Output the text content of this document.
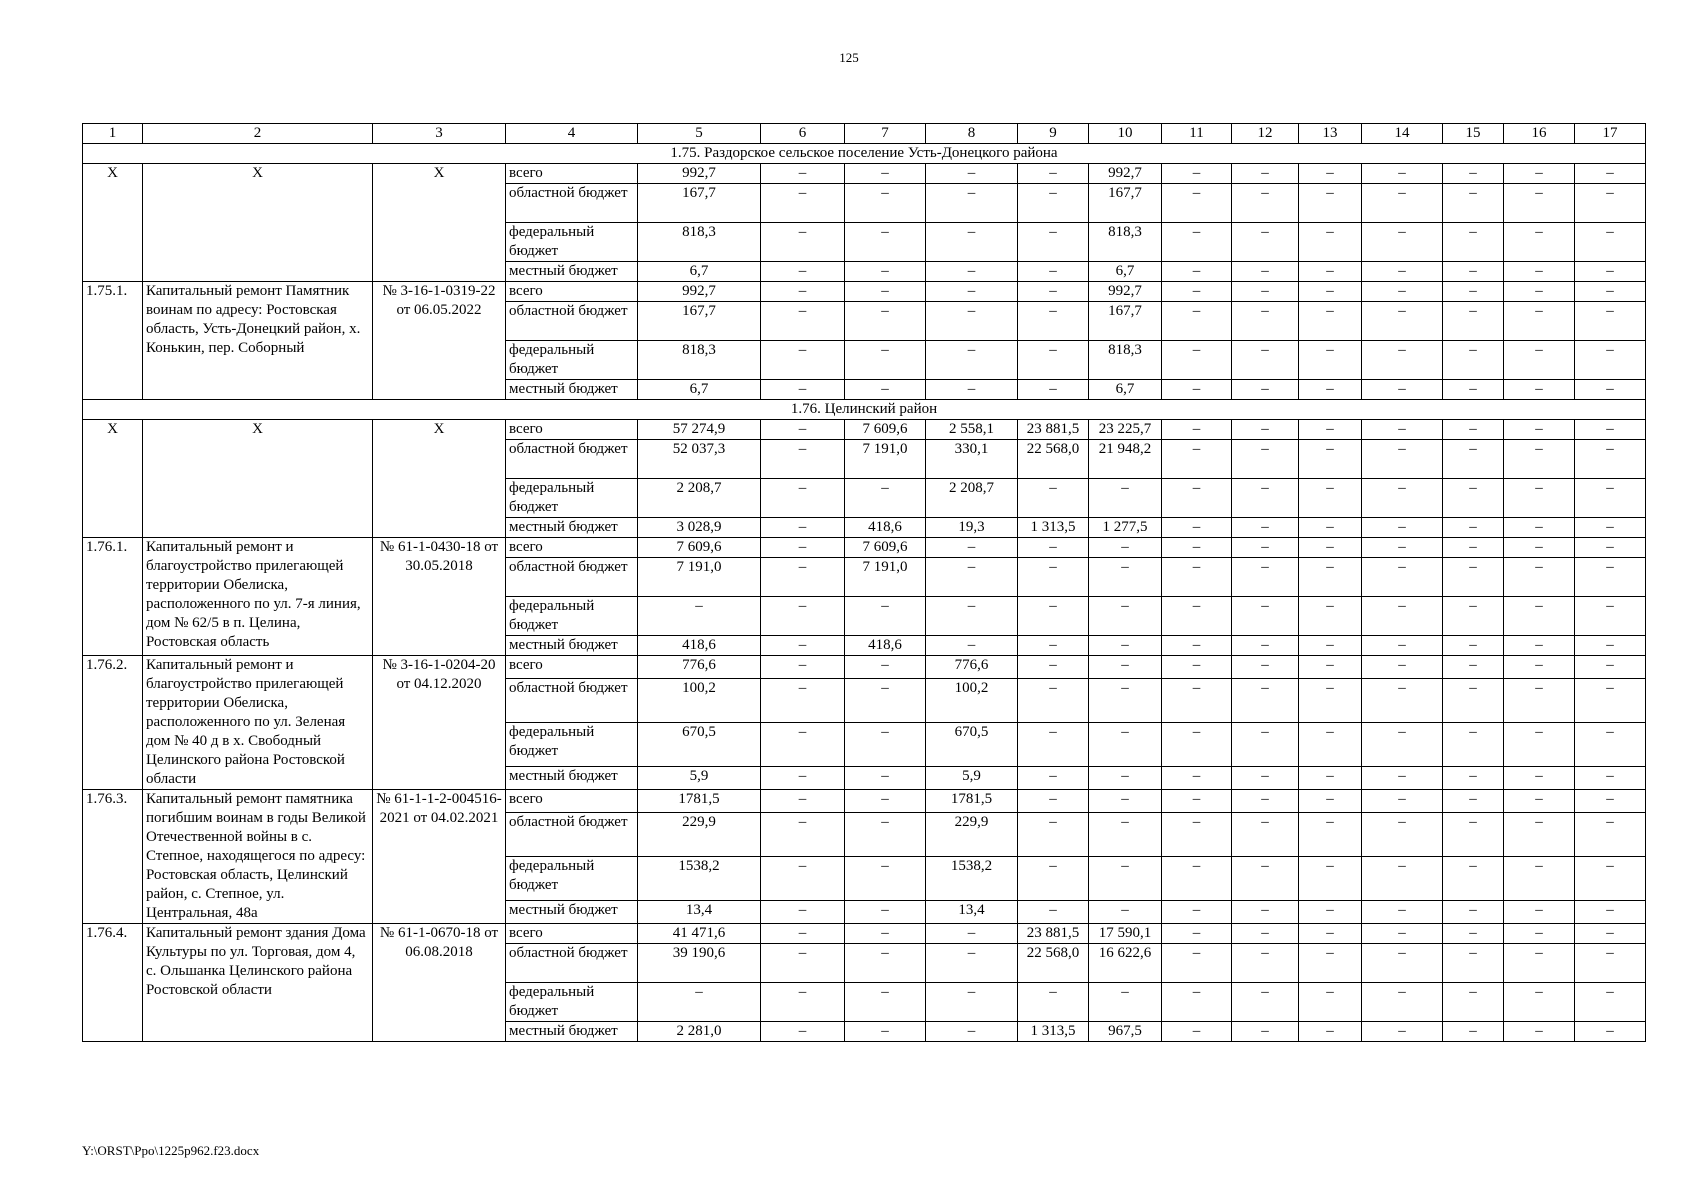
125
1	2	3	4	5	6	7	8	9	10	11	12	13	14	15	16	17
1.75. Раздорское сельское поселение Усть-Донецкого района																
Х	Х	Х	всего	992,7	–	–	–	–	992,7	–	–	–	–	–	–	–
			областной бюджет	167,7	–	–	–	–	167,7	–	–	–	–	–	–	–
			федеральный бюджет	818,3	–	–	–	–	818,3	–	–	–	–	–	–	–
			местный бюджет	6,7	–	–	–	–	6,7	–	–	–	–	–	–	–
1.75.1.	Капитальный ремонт Памятник воинам по адресу: Ростовская область, Усть-Донецкий район, х. Конькин, пер. Соборный	№ 3-16-1-0319-22 от 06.05.2022	всего	992,7	–	–	–	–	992,7	–	–	–	–	–	–	–
			областной бюджет	167,7	–	–	–	–	167,7	–	–	–	–	–	–	–
			федеральный бюджет	818,3	–	–	–	–	818,3	–	–	–	–	–	–	–
			местный бюджет	6,7	–	–	–	–	6,7	–	–	–	–	–	–	–
1.76. Целинский район																
Х	Х	Х	всего	57 274,9	–	7 609,6	2 558,1	23 881,5	23 225,7	–	–	–	–	–	–	–
			областной бюджет	52 037,3	–	7 191,0	330,1	22 568,0	21 948,2	–	–	–	–	–	–	–
			федеральный бюджет	2 208,7	–	–	2 208,7	–	–	–	–	–	–	–	–	–
			местный бюджет	3 028,9	–	418,6	19,3	1 313,5	1 277,5	–	–	–	–	–	–	–
1.76.1.	Капитальный ремонт и благоустройство прилегающей территории Обелиска, расположенного по ул. 7-я линия, дом № 62/5 в п. Целина, Ростовская область	№ 61-1-0430-18 от 30.05.2018	всего	7 609,6	–	7 609,6	–	–	–	–	–	–	–	–	–	–
			областной бюджет	7 191,0	–	7 191,0	–	–	–	–	–	–	–	–	–	–
			федеральный бюджет	–	–	–	–	–	–	–	–	–	–	–	–	–
			местный бюджет	418,6	–	418,6	–	–	–	–	–	–	–	–	–	–
1.76.2.	Капитальный ремонт и благоустройство прилегающей территории Обелиска, расположенного по ул. Зеленая дом № 40 д в х. Свободный Целинского района Ростовской области	№ 3-16-1-0204-20 от 04.12.2020	всего	776,6	–	–	776,6	–	–	–	–	–	–	–	–	–
			областной бюджет	100,2	–	–	100,2	–	–	–	–	–	–	–	–	–
			федеральный бюджет	670,5	–	–	670,5	–	–	–	–	–	–	–	–	–
			местный бюджет	5,9	–	–	5,9	–	–	–	–	–	–	–	–	–
1.76.3.	Капитальный ремонт памятника погибшим воинам в годы Великой Отечественной войны в с. Степное, находящегося по адресу: Ростовская область, Целинский район, с. Степное, ул. Центральная, 48а	№ 61-1-1-2-004516-2021 от 04.02.2021	всего	1781,5	–	–	1781,5	–	–	–	–	–	–	–	–	–
			областной бюджет	229,9	–	–	229,9	–	–	–	–	–	–	–	–	–
			федеральный бюджет	1538,2	–	–	1538,2	–	–	–	–	–	–	–	–	–
			местный бюджет	13,4	–	–	13,4	–	–	–	–	–	–	–	–	–
1.76.4.	Капитальный ремонт здания Дома Культуры по ул. Торговая, дом 4, с. Ольшанка Целинского района Ростовской области	№ 61-1-0670-18 от 06.08.2018	всего	41 471,6	–	–	–	23 881,5	17 590,1	–	–	–	–	–	–	–
			областной бюджет	39 190,6	–	–	–	22 568,0	16 622,6	–	–	–	–	–	–	–
			федеральный бюджет	–	–	–	–	–	–	–	–	–	–	–	–	–
			местный бюджет	2 281,0	–	–	–	1 313,5	967,5	–	–	–	–	–	–	–
Y:\ORST\Ppo\1225p962.f23.docx
